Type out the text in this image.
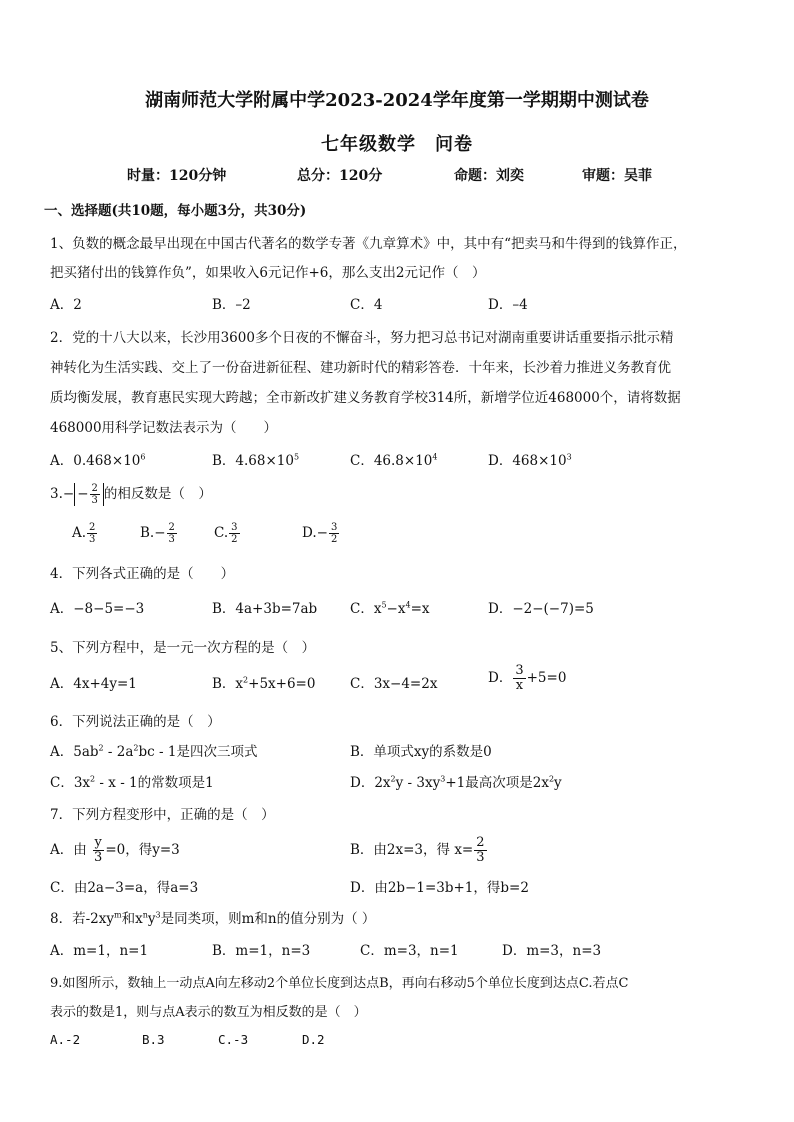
湖南师范大学附属中学2023-2024学年度第一学期期中测试卷
七年级数学　问卷
时量：120分钟	总分：120分	命题：刘奕	审题：吴菲
一、选择题(共10题，每小题3分，共30分)
1、负数的概念最早出现在中国古代著名的数学专著《九章算术》中，其中有“把卖马和牛得到的钱算作正，
把买猪付出的钱算作负”，如果收入6元记作+6，那么支出2元记作（　）
A．2	B．–2	C．4	D．–4
2．党的十八大以来，长沙用3600多个日夜的不懈奋斗，努力把习总书记对湖南重要讲话重要指示批示精
神转化为生活实践、交上了一份奋进新征程、建功新时代的精彩答卷．十年来，长沙着力推进义务教育优
质均衡发展，教育惠民实现大跨越；全市新改扩建义务教育学校314所，新增学位近468000个，请将数据
468000用科学记数法表示为（　　）
A．$0.468\times 10^6$	B．$4.68\times 10^5$	C．$46.8\times 10^4$	D．$468\times 10^3$
$3.- - \frac{2}{3}$ 的相反数是（　）
A. $\frac{2}{3}$	$B.- \frac{2}{3}$	C. $\frac{3}{2}$	$D.- \frac{3}{2}$
4．下列各式正确的是（　　）
A．−8−5=−3	B．4a+3b=7ab C．$x^5-x^4=x$	D．−2−(−7)=5
5、下列方程中，是一元一次方程的是（　）
A．4x+4y=1	B．$x^2+5x+6=0$	C．3x−4=2x	D． $\frac{3}{x} +5=0$
6．下列说法正确的是（　）
A．$5ab^2 - 2a^2bc - 1$是四次三项式	B．单项式xy的系数是0
C．$3x^2$ - x - 1的常数项是1	D．$2x^2y - 3xy^3+1$最高次项是$2x^2y$
7．下列方程变形中，正确的是（　）
A．由 $\frac{y}{3} =0$，得y=3	B．由2x=3，得 $x= \frac{2}{3}$
C．由2a−3=a，得a=3	D．由2b−1=3b+1，得b=2
8．若$-2xy^m$和$x^ny^3$是同类项，则m和n的值分别为（ ）
A．m=1，n=1	B．m=1，n=3	C．m=3，n=1	D．m=3，n=3
9.如图所示，数轴上一动点A向左移动2个单位长度到达点B，再向右移动5个单位长度到达点C.若点C
表示的数是1，则与点A表示的数互为相反数的是（　）
A.-2	B.3	C.-3	D.2
